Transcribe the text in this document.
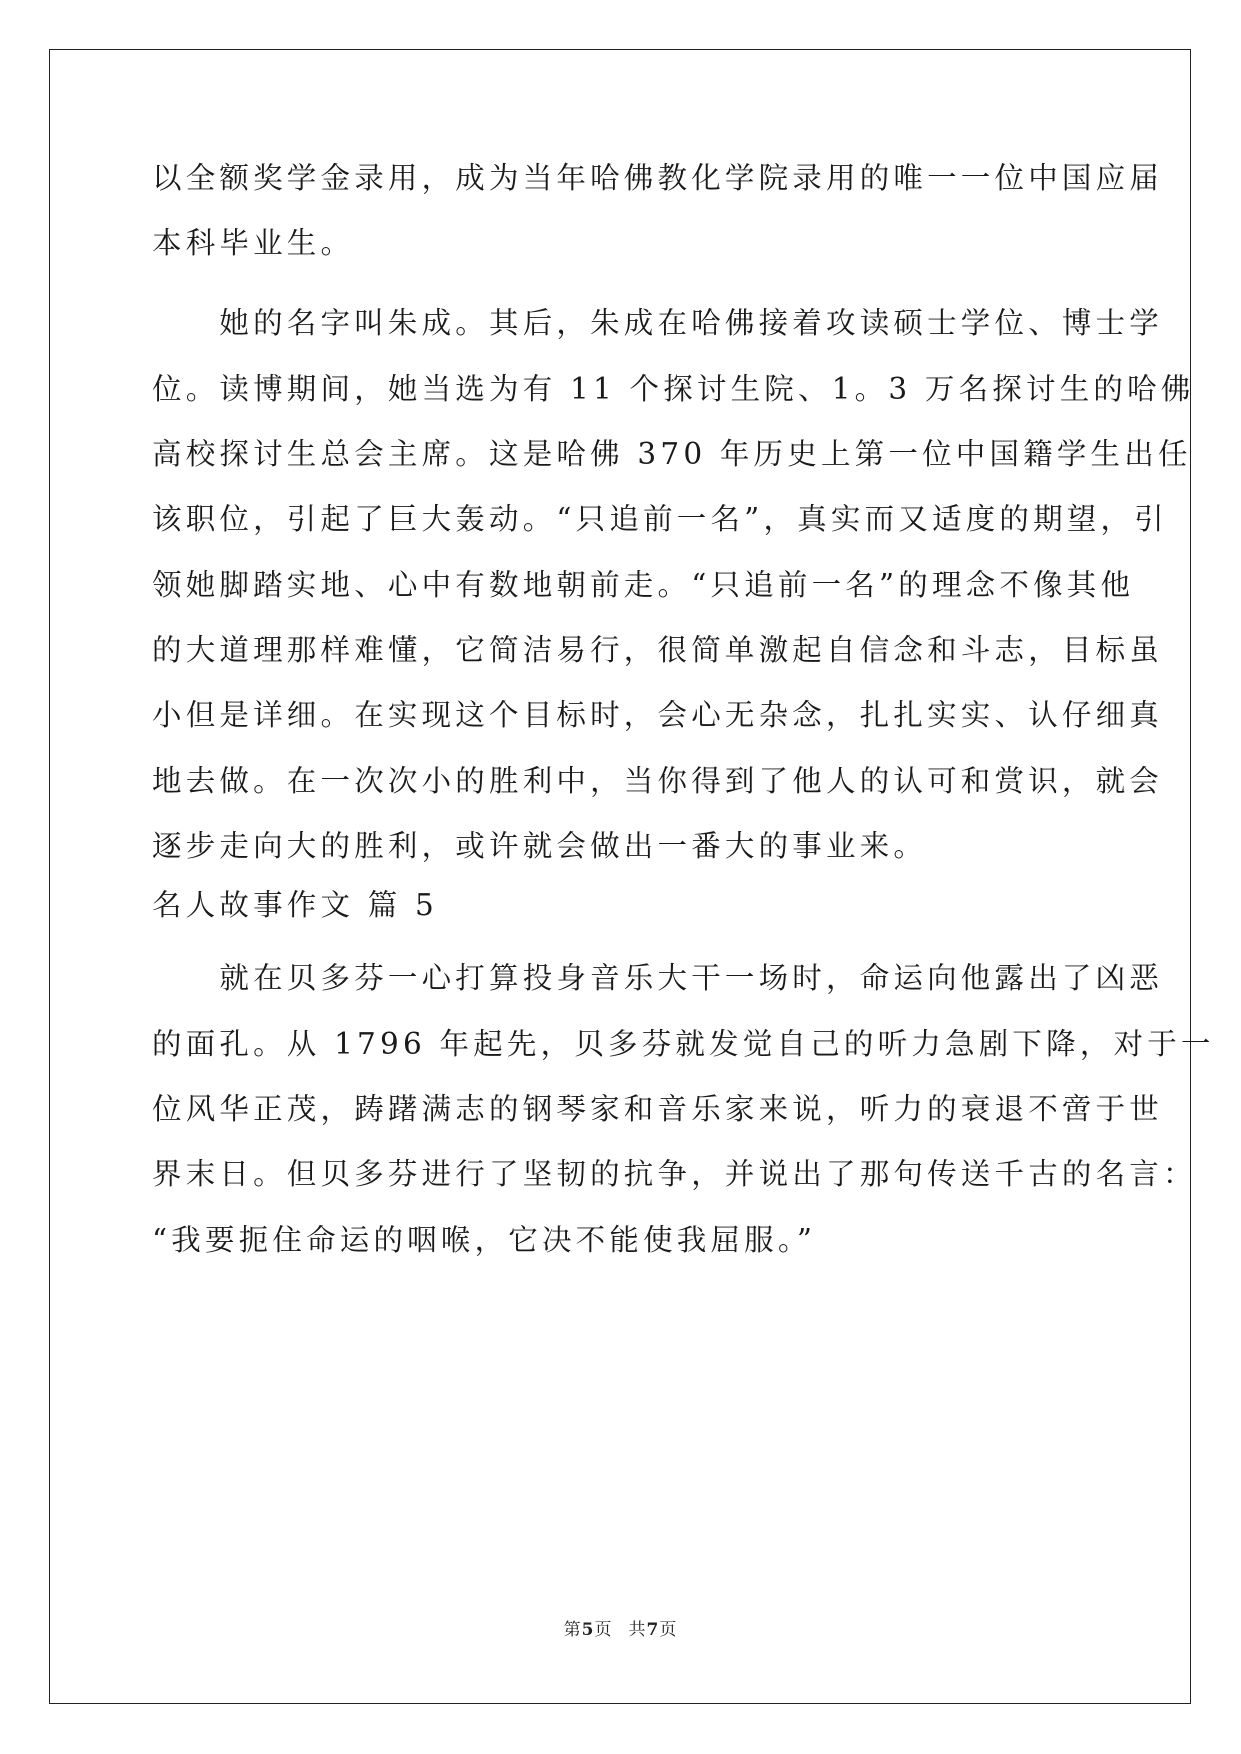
以全额奖学金录用，成为当年哈佛教化学院录用的唯一一位中国应届
本科毕业生。
　　她的名字叫朱成。其后，朱成在哈佛接着攻读硕士学位、博士学
位。读博期间，她当选为有 11 个探讨生院、1。3 万名探讨生的哈佛
高校探讨生总会主席。这是哈佛 370 年历史上第一位中国籍学生出任
该职位，引起了巨大轰动。“只追前一名”，真实而又适度的期望，引
领她脚踏实地、心中有数地朝前走。“只追前一名”的理念不像其他
的大道理那样难懂，它简洁易行，很简单激起自信念和斗志，目标虽
小但是详细。在实现这个目标时，会心无杂念，扎扎实实、认仔细真
地去做。在一次次小的胜利中，当你得到了他人的认可和赏识，就会
逐步走向大的胜利，或许就会做出一番大的事业来。
名人故事作文 篇 5
　　就在贝多芬一心打算投身音乐大干一场时，命运向他露出了凶恶
的面孔。从 1796 年起先，贝多芬就发觉自己的听力急剧下降，对于一
位风华正茂，踌躇满志的钢琴家和音乐家来说，听力的衰退不啻于世
界末日。但贝多芬进行了坚韧的抗争，并说出了那句传送千古的名言：
“我要扼住命运的咽喉，它决不能使我屈服。”
第5页 共7页
